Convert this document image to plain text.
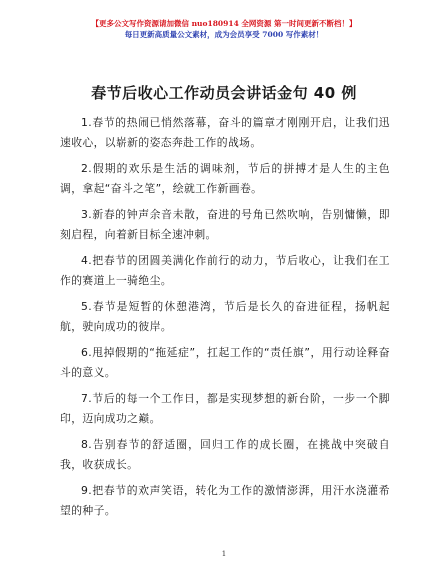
【更多公文写作资源请加微信 nuo180914 全网资源 第一时间更新不断档！】
每日更新高质量公文素材，成为会员享受 7000 写作素材！
春节后收心工作动员会讲话金句 40 例

1.春节的热闹已悄然落幕，奋斗的篇章才刚刚开启，让我们迅速收心，以崭新的姿态奔赴工作的战场。

2.假期的欢乐是生活的调味剂，节后的拼搏才是人生的主色调，拿起“奋斗之笔”，绘就工作新画卷。

3.新春的钟声余音未散，奋进的号角已然吹响，告别慵懒，即刻启程，向着新目标全速冲刺。

4.把春节的团圆美满化作前行的动力，节后收心，让我们在工作的赛道上一骑绝尘。

5.春节是短暂的休憩港湾，节后是长久的奋进征程，扬帆起航，驶向成功的彼岸。

6.甩掉假期的“拖延症”，扛起工作的“责任旗”，用行动诠释奋斗的意义。

7.节后的每一个工作日，都是实现梦想的新台阶，一步一个脚印，迈向成功之巅。

8.告别春节的舒适圈，回归工作的成长圈，在挑战中突破自我，收获成长。

9.把春节的欢声笑语，转化为工作的激情澎湃，用汗水浇灌希望的种子。

1
